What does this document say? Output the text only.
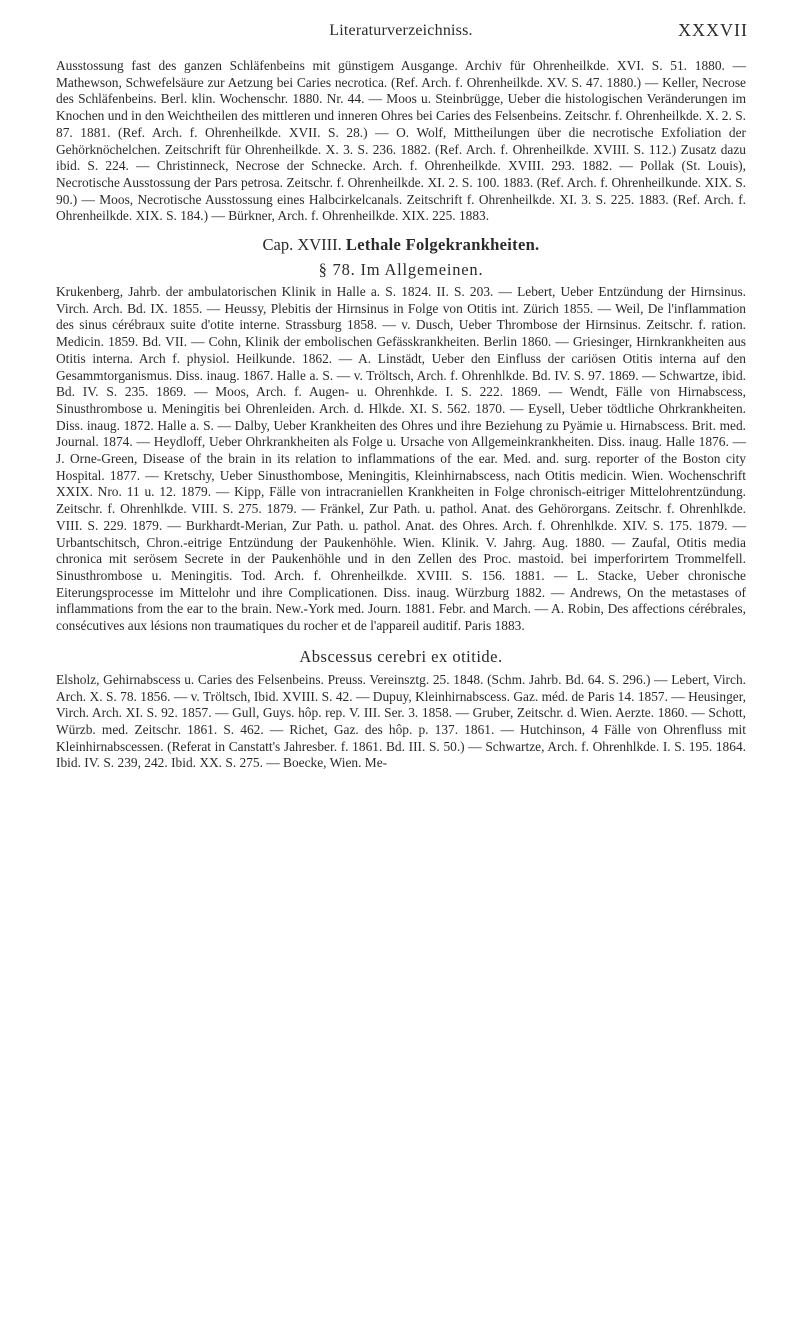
Literaturverzeichniss.	XXXVII

Ausstossung fast des ganzen Schläfenbeins mit günstigem Ausgange. Archiv für Ohrenheilkde. XVI. S. 51. 1880. — Mathewson, Schwefelsäure zur Aetzung bei Caries necrotica. (Ref. Arch. f. Ohrenheilkde. XV. S. 47. 1880.) — Keller, Necrose des Schläfenbeins. Berl. klin. Wochenschr. 1880. Nr. 44. — Moos u. Steinbrügge, Ueber die histologischen Veränderungen im Knochen und in den Weichtheilen des mittleren und inneren Ohres bei Caries des Felsenbeins. Zeitschr. f. Ohrenheilkde. X. 2. S. 87. 1881. (Ref. Arch. f. Ohrenheilkde. XVII. S. 28.) — O. Wolf, Mittheilungen über die necrotische Exfoliation der Gehörknöchelchen. Zeitschrift für Ohrenheilkde. X. 3. S. 236. 1882. (Ref. Arch. f. Ohrenheilkde. XVIII. S. 112.) Zusatz dazu ibid. S. 224. — Christinneck, Necrose der Schnecke. Arch. f. Ohrenheilkde. XVIII. 293. 1882. — Pollak (St. Louis), Necrotische Ausstossung der Pars petrosa. Zeitschr. f. Ohrenheilkde. XI. 2. S. 100. 1883. (Ref. Arch. f. Ohrenheilkunde. XIX. S. 90.) — Moos, Necrotische Ausstossung eines Halbcirkelcanals. Zeitschrift f. Ohrenheilkde. XI. 3. S. 225. 1883. (Ref. Arch. f. Ohrenheilkde. XIX. S. 184.) — Bürkner, Arch. f. Ohrenheilkde. XIX. 225. 1883.

Cap. XVIII. Lethale Folgekrankheiten.
§ 78. Im Allgemeinen.

Krukenberg, Jahrb. der ambulatorischen Klinik in Halle a. S. 1824. II. S. 203. — Lebert, Ueber Entzündung der Hirnsinus. Virch. Arch. Bd. IX. 1855. — Heussy, Plebitis der Hirnsinus in Folge von Otitis int. Zürich 1855. — Weil, De l'inflammation des sinus cérébraux suite d'otite interne. Strassburg 1858. — v. Dusch, Ueber Thrombose der Hirnsinus. Zeitschr. f. ration. Medicin. 1859. Bd. VII. — Cohn, Klinik der embolischen Gefässkrankheiten. Berlin 1860. — Griesinger, Hirnkrankheiten aus Otitis interna. Arch f. physiol. Heilkunde. 1862. — A. Linstädt, Ueber den Einfluss der cariösen Otitis interna auf den Gesammtorganismus. Diss. inaug. 1867. Halle a. S. — v. Tröltsch, Arch. f. Ohrenhlkde. Bd. IV. S. 97. 1869. — Schwartze, ibid. Bd. IV. S. 235. 1869. — Moos, Arch. f. Augen- u. Ohrenhkde. I. S. 222. 1869. — Wendt, Fälle von Hirnabscess, Sinusthrombose u. Meningitis bei Ohrenleiden. Arch. d. Hlkde. XI. S. 562. 1870. — Eysell, Ueber tödtliche Ohrkrankheiten. Diss. inaug. 1872. Halle a. S. — Dalby, Ueber Krankheiten des Ohres und ihre Beziehung zu Pyämie u. Hirnabscess. Brit. med. Journal. 1874. — Heydloff, Ueber Ohrkrankheiten als Folge u. Ursache von Allgemeinkrankheiten. Diss. inaug. Halle 1876. — J. Orne-Green, Disease of the brain in its relation to inflammations of the ear. Med. and. surg. reporter of the Boston city Hospital. 1877. — Kretschy, Ueber Sinusthombose, Meningitis, Kleinhirnabscess, nach Otitis medicin. Wien. Wochenschrift XXIX. Nro. 11 u. 12. 1879. — Kipp, Fälle von intracraniellen Krankheiten in Folge chronisch-eitriger Mittelohrentzündung. Zeitschr. f. Ohrenhlkde. VIII. S. 275. 1879. — Fränkel, Zur Path. u. pathol. Anat. des Gehörorgans. Zeitschr. f. Ohrenhlkde. VIII. S. 229. 1879. — Burkhardt-Merian, Zur Path. u. pathol. Anat. des Ohres. Arch. f. Ohrenhlkde. XIV. S. 175. 1879. — Urbantschitsch, Chron.-eitrige Entzündung der Paukenhöhle. Wien. Klinik. V. Jahrg. Aug. 1880. — Zaufal, Otitis media chronica mit serösem Secrete in der Paukenhöhle und in den Zellen des Proc. mastoid. bei imperforirtem Trommelfell. Sinusthrombose u. Meningitis. Tod. Arch. f. Ohrenheilkde. XVIII. S. 156. 1881. — L. Stacke, Ueber chronische Eiterungsprocesse im Mittelohr und ihre Complicationen. Diss. inaug. Würzburg 1882. — Andrews, On the metastases of inflammations from the ear to the brain. New.-York med. Journ. 1881. Febr. and March. — A. Robin, Des affections cérébrales, consécutives aux lésions non traumatiques du rocher et de l'appareil auditif. Paris 1883.

Abscessus cerebri ex otitide.

Elsholz, Gehirnabscess u. Caries des Felsenbeins. Preuss. Vereinsztg. 25. 1848. (Schm. Jahrb. Bd. 64. S. 296.) — Lebert, Virch. Arch. X. S. 78. 1856. — v. Tröltsch, Ibid. XVIII. S. 42. — Dupuy, Kleinhirnabscess. Gaz. méd. de Paris 14. 1857. — Heusinger, Virch. Arch. XI. S. 92. 1857. — Gull, Guys. hôp. rep. V. III. Ser. 3. 1858. — Gruber, Zeitschr. d. Wien. Aerzte. 1860. — Schott, Würzb. med. Zeitschr. 1861. S. 462. — Richet, Gaz. des hôp. p. 137. 1861. — Hutchinson, 4 Fälle von Ohrenfluss mit Kleinhirnabscessen. (Referat in Canstatt's Jahresber. f. 1861. Bd. III. S. 50.) — Schwartze, Arch. f. Ohrenhlkde. I. S. 195. 1864. Ibid. IV. S. 239, 242. Ibid. XX. S. 275. — Boecke, Wien. Me-
